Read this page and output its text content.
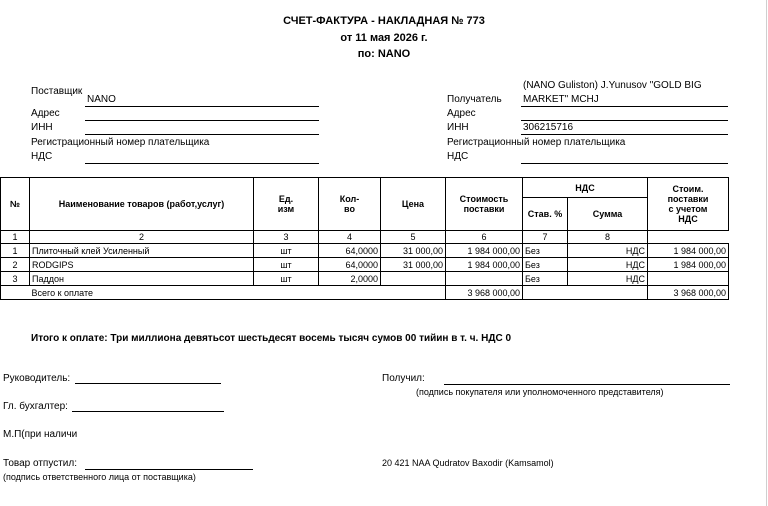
СЧЕТ-ФАКТУРА - НАКЛАДНАЯ № 773
от 11 мая 2026 г.
по: NANO
Поставщик
NANO
Адрес
ИНН
Регистрационный номер плательщика
НДС
(NANO Guliston) J.Yunusov "GOLD BIG
Получатель MARKET" MCHJ
Адрес
ИНН	306215716
Регистрационный номер плательщика
НДС
№	Наименование товаров (работ,услуг)	Ед.
изм	Кол-
во	Цена	Стоимость
поставки	НДС		Стоим.
поставки
с учетом
НДС
						Став. %	Сумма	
1	2	3	4	5	6	7	8	
1	Плиточный клей Усиленный	шт	64,0000	31 000,00	1 984 000,00	Без	НДС	1 984 000,00
2	RODGIPS	шт	64,0000	31 000,00	1 984 000,00	Без	НДС	1 984 000,00
3	Паддон	шт	2,0000			Без	НДС	
	Всего к оплате				3 968 000,00			3 968 000,00
Итого к оплате: Три миллиона девятьсот шестьдесят восемь тысяч сумов 00 тийин в т. ч. НДС 0
Руководитель:
Гл. бухгалтер:
М.П(при наличи
Товар отпустил:
(подпись ответственного лица от поставщика)
Получил:
(подпись покупателя или уполномоченного представителя)
20 421 NAA Qudratov Baxodir (Kamsamol)
